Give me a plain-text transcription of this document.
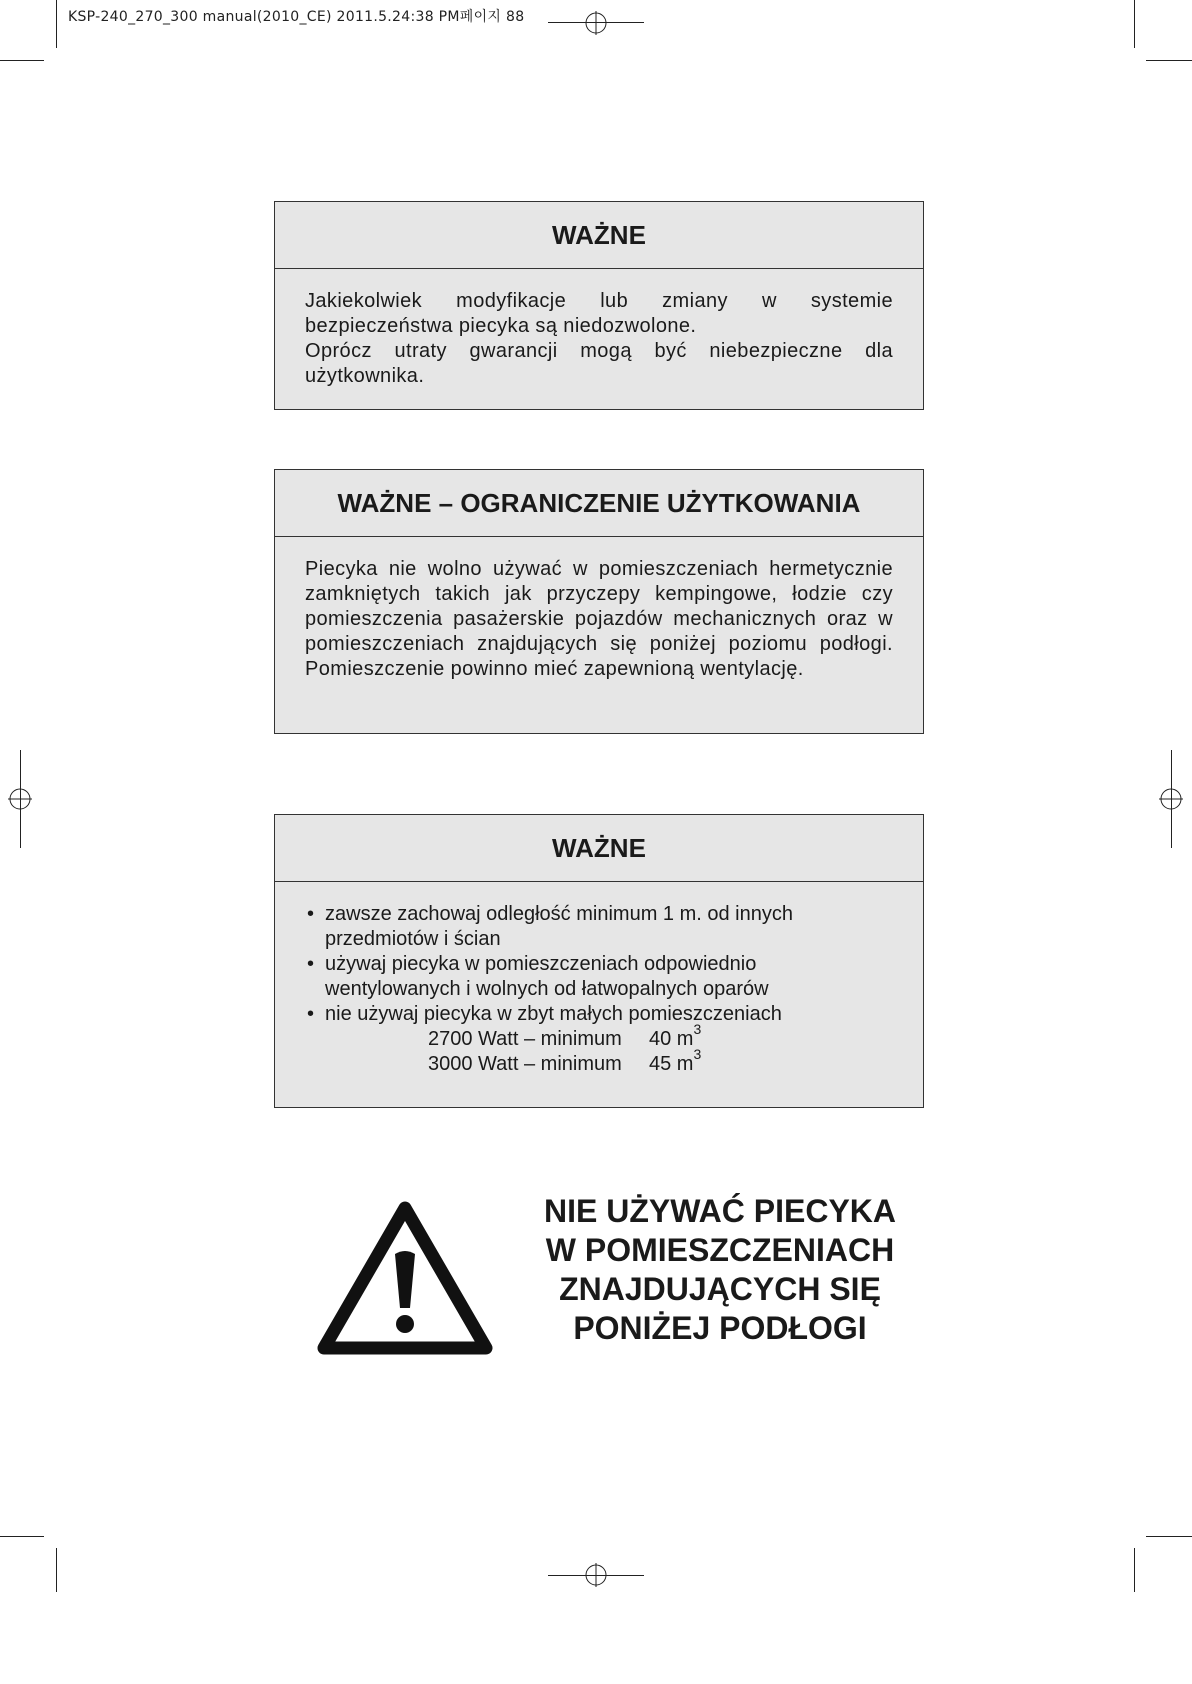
KSP-240_270_300 manual(2010_CE) 2011.5.24:38 PM페이지 88
WAŻNE

Jakiekolwiek modyfikacje lub zmiany w systemie bezpieczeństwa piecyka są niedozwolone.

Oprócz utraty gwarancji mogą być niebezpieczne dla użytkownika.

WAŻNE – OGRANICZENIE UŻYTKOWANIA

Piecyka nie wolno używać w pomieszczeniach hermetycznie zamkniętych takich jak przyczepy kempingowe, łodzie czy pomieszczenia pasażerskie pojazdów mechanicznych oraz w pomieszczeniach znajdujących się poniżej poziomu podłogi. Pomieszczenie powinno mieć zapewnioną wentylację.

WAŻNE
• zawsze zachowaj odległość minimum 1 m. od innych przedmiotów i ścian
• używaj piecyka w pomieszczeniach odpowiednio wentylowanych i wolnych od łatwopalnych oparów
• nie używaj piecyka w zbyt małych pomieszczeniach
2700 Watt – minimum	40 $m^3$
3000 Watt – minimum	45 $m^3$
NIE UŻYWAĆ PIECYKA
W POMIESZCZENIACH
ZNAJDUJĄCYCH SIĘ
PONIŻEJ PODŁOGI
